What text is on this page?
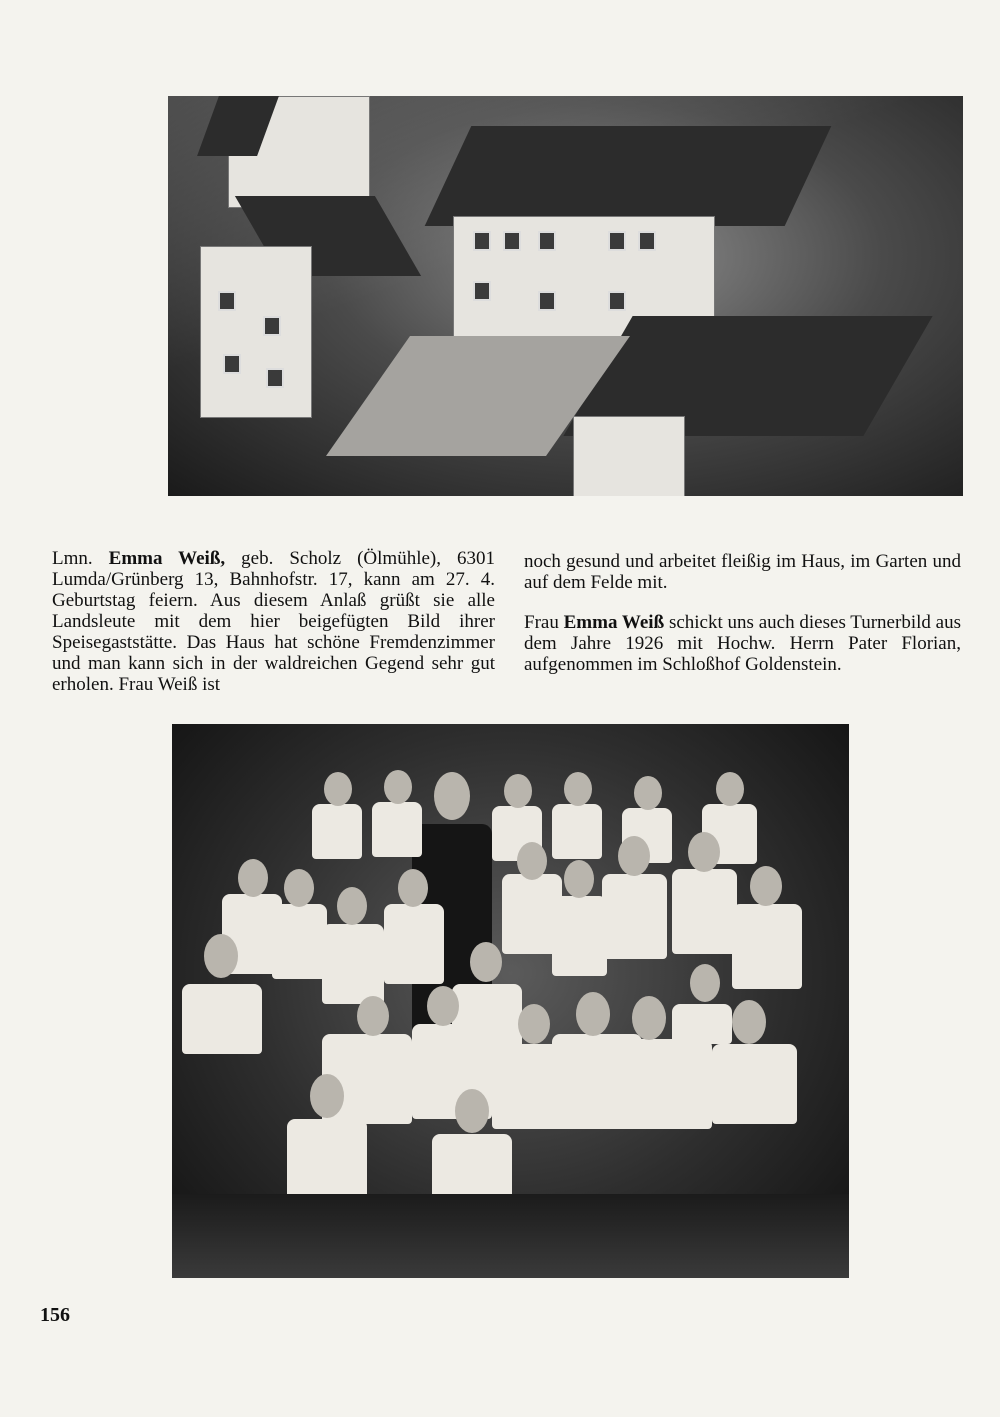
Lmn. Emma Weiß, geb. Scholz (Ölmühle), 6301 Lumda/Grünberg 13, Bahnhofstr. 17, kann am 27. 4. Geburtstag feiern. Aus diesem Anlaß grüßt sie alle Landsleute mit dem hier beigefügten Bild ihrer Speisegaststätte. Das Haus hat schöne Fremdenzimmer und man kann sich in der waldreichen Gegend sehr gut erholen. Frau Weiß ist
noch gesund und arbeitet fleißig im Haus, im Garten und auf dem Felde mit.
Frau Emma Weiß schickt uns auch dieses Turnerbild aus dem Jahre 1926 mit Hochw. Herrn Pater Florian, aufgenommen im Schloßhof Goldenstein.
156
